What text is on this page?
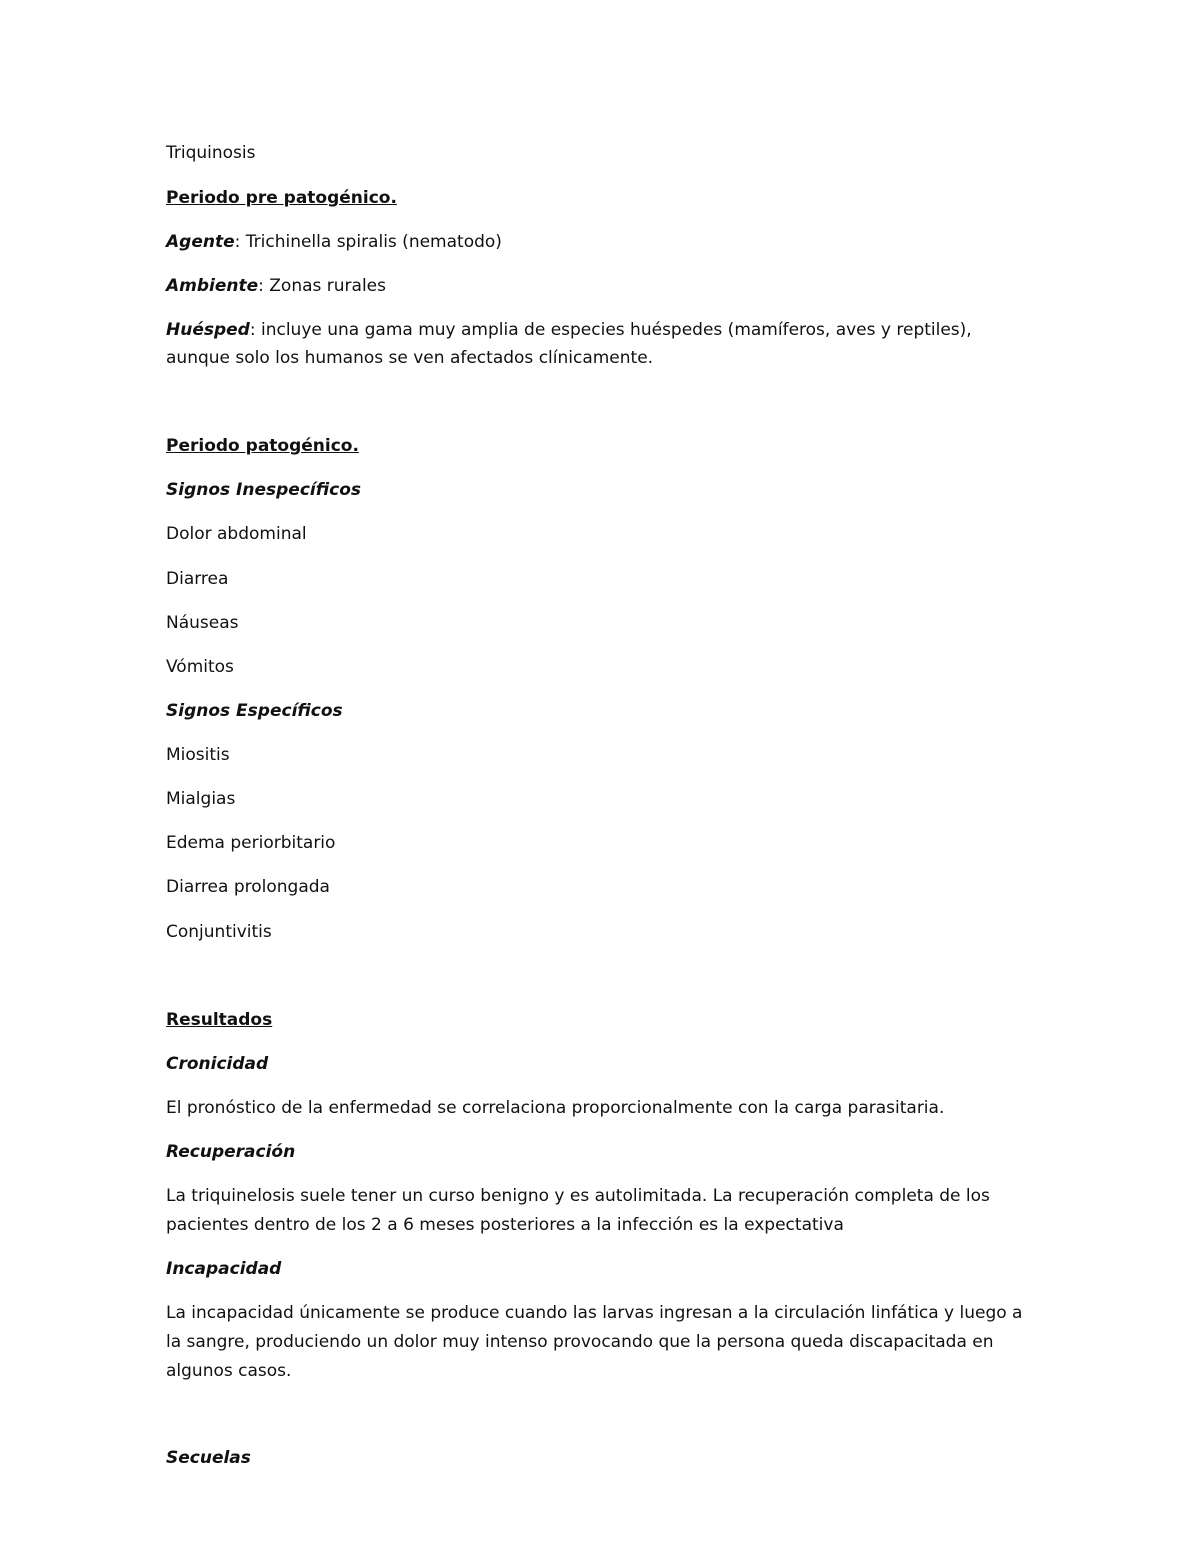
Triquinosis
Periodo pre patogénico.
Agente: Trichinella spiralis (nematodo)
Ambiente: Zonas rurales
Huésped: incluye una gama muy amplia de especies huéspedes (mamíferos, aves y reptiles),
aunque solo los humanos se ven afectados clínicamente.
Periodo patogénico.
Signos Inespecíficos
Dolor abdominal
Diarrea
Náuseas
Vómitos
Signos Específicos
Miositis
Mialgias
Edema periorbitario
Diarrea prolongada
Conjuntivitis
Resultados
Cronicidad
El pronóstico de la enfermedad se correlaciona proporcionalmente con la carga parasitaria.
Recuperación
La triquinelosis suele tener un curso benigno y es autolimitada. La recuperación completa de los
pacientes dentro de los 2 a 6 meses posteriores a la infección es la expectativa
Incapacidad
La incapacidad únicamente se produce cuando las larvas ingresan a la circulación linfática y luego a
la sangre, produciendo un dolor muy intenso provocando que la persona queda discapacitada en
algunos casos.
Secuelas
